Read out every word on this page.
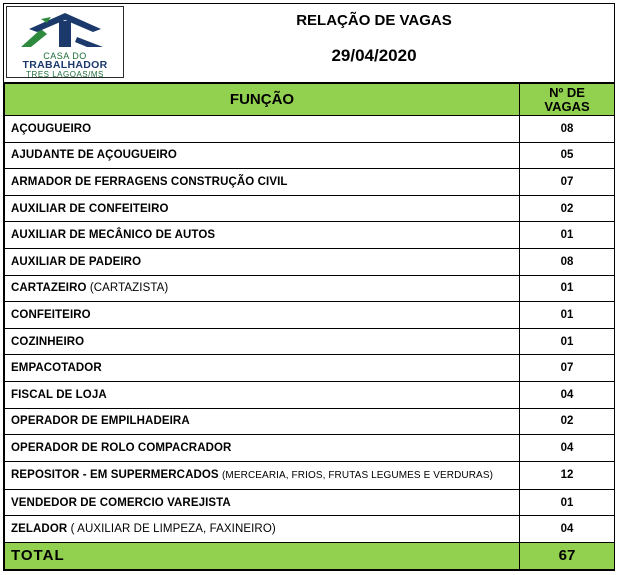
CASA DO
TRABALHADOR
TRES LAGOAS/MS
RELAÇÃO DE VAGAS
29/04/2020
FUNÇÃO	Nº DE
VAGAS
AÇOUGUEIRO	08
AJUDANTE DE AÇOUGUEIRO	05
ARMADOR DE FERRAGENS CONSTRUÇÃO CIVIL	07
AUXILIAR DE CONFEITEIRO	02
AUXILIAR DE MECÂNICO DE AUTOS	01
AUXILIAR DE PADEIRO	08
CARTAZEIRO (CARTAZISTA)	01
CONFEITEIRO	01
COZINHEIRO	01
EMPACOTADOR	07
FISCAL DE LOJA	04
OPERADOR DE EMPILHADEIRA	02
OPERADOR DE ROLO COMPACRADOR	04
REPOSITOR - EM SUPERMERCADOS (MERCEARIA, FRIOS, FRUTAS LEGUMES E VERDURAS)	12
VENDEDOR DE COMERCIO VAREJISTA	01
ZELADOR ( AUXILIAR DE LIMPEZA, FAXINEIRO)	04
TOTAL	67
